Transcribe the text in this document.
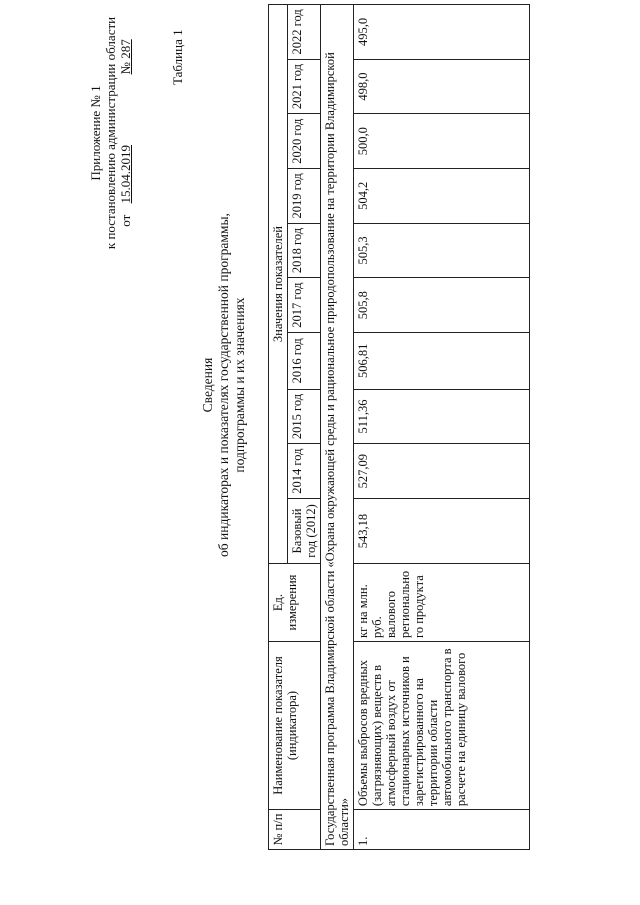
Приложение № 1 к постановлению администрации области от 15.04.2019  № 287	Таблица 1
Сведения об индикаторах и показателях государственной программы, подпрограммы и их значениях
№ п/п	Наименование показателя (индикатора)	Ед. измерения	Значения показателей									
			Базовый год (2012)	2014 год	2015 год	2016 год	2017 год	2018 год	2019 год	2020 год	2021 год	2022 год
Государственная программа Владимирской области «Охрана окружающей среды и рациональное природопользование на территории Владимирской области»												
1.	Объемы выбросов вредных (загрязняющих) веществ в атмосферный воздух от стационарных источников и зарегистрированного на территории области автомобильного транспорта в расчете на единицу валового	кг на млн. руб. валового регионально го продукта	543,18	527,09	511,36	506,81	505,8	505,3	504,2	500,0	498,0	495,0
